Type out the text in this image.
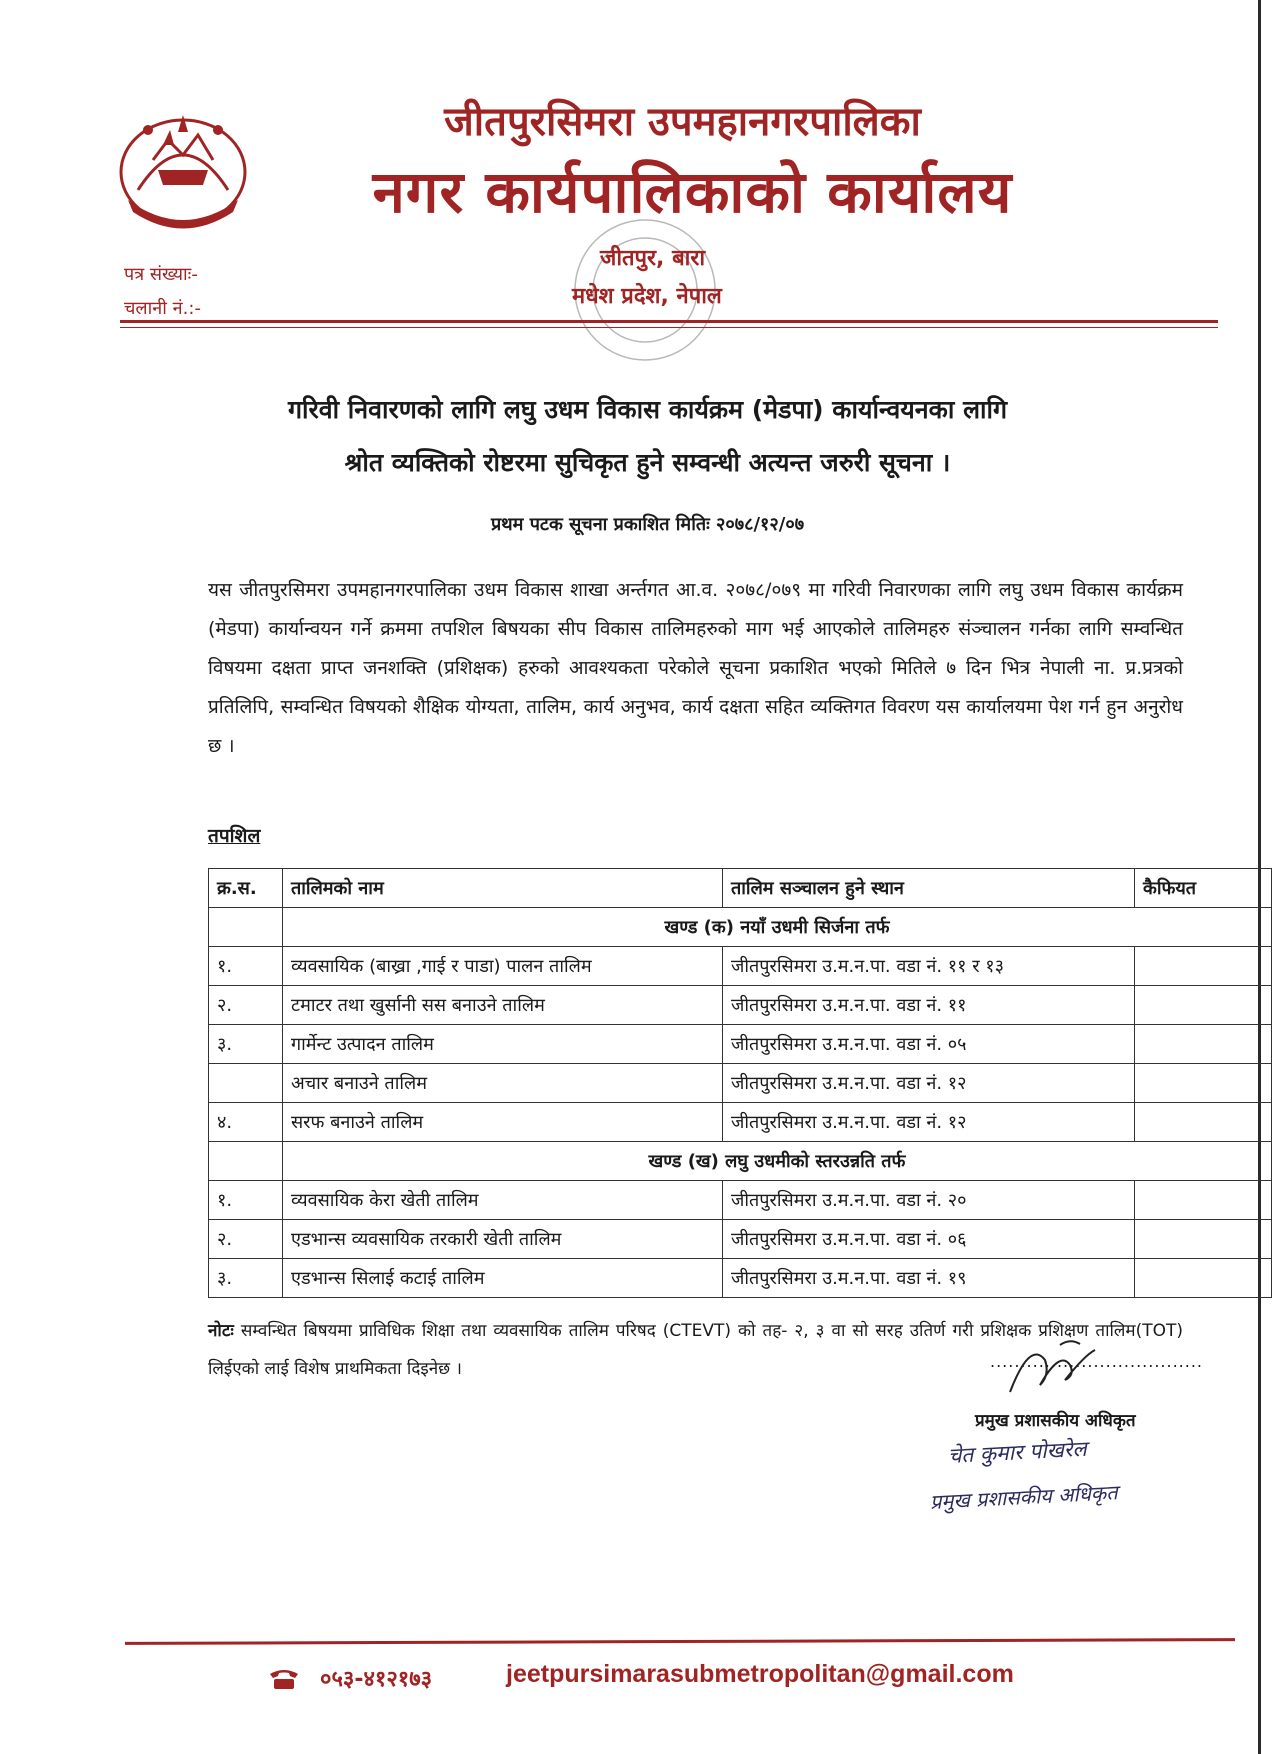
जीतपुरसिमरा उपमहानगरपालिका
नगर कार्यपालिकाको कार्यालय
जीतपुर, बारा
मधेश प्रदेश, नेपाल
पत्र संख्याः-
चलानी नं.:-
गरिवी निवारणको लागि लघु उधम विकास कार्यक्रम (मेडपा) कार्यान्वयनका लागि
श्रोत व्यक्तिको रोष्टरमा सुचिकृत हुने सम्वन्धी अत्यन्त जरुरी सूचना ।
प्रथम पटक सूचना प्रकाशित मितिः २०७८/१२/०७
यस जीतपुरसिमरा उपमहानगरपालिका उधम विकास शाखा अर्न्तगत आ.व. २०७८/०७९ मा गरिवी निवारणका लागि लघु उधम विकास कार्यक्रम (मेडपा) कार्यान्वयन गर्ने क्रममा तपशिल बिषयका सीप विकास तालिमहरुको माग भई आएकोले तालिमहरु संञ्चालन गर्नका लागि सम्वन्धित विषयमा दक्षता प्राप्त जनशक्ति (प्रशिक्षक) हरुको आवश्यकता परेकोले सूचना प्रकाशित भएको मितिले ७ दिन भित्र नेपाली ना. प्र.प्रत्रको प्रतिलिपि, सम्वन्धित विषयको शैक्षिक योग्यता, तालिम, कार्य अनुभव, कार्य दक्षता सहित व्यक्तिगत विवरण यस कार्यालयमा पेश गर्न हुन अनुरोध छ ।
तपशिल
क्र.स.	तालिमको नाम	तालिम सञ्चालन हुने स्थान	कैफियत
	खण्ड (क) नयाँ उधमी सिर्जना तर्फ		
१.	व्यवसायिक (बाख्रा ,गाई र पाडा) पालन तालिम	जीतपुरसिमरा उ.म.न.पा. वडा नं. ११ र १३	
२.	टमाटर तथा खुर्सानी सस बनाउने तालिम	जीतपुरसिमरा उ.म.न.पा. वडा नं. ११	
३.	गार्मेन्ट उत्पादन तालिम	जीतपुरसिमरा उ.म.न.पा. वडा नं. ०५	
	अचार बनाउने तालिम	जीतपुरसिमरा उ.म.न.पा. वडा नं. १२	
४.	सरफ बनाउने तालिम	जीतपुरसिमरा उ.म.न.पा. वडा नं. १२	
	खण्ड (ख) लघु उधमीको स्तरउन्नति तर्फ		
१.	व्यवसायिक केरा खेती तालिम	जीतपुरसिमरा उ.म.न.पा. वडा नं. २०	
२.	एडभान्स व्यवसायिक तरकारी खेती तालिम	जीतपुरसिमरा उ.म.न.पा. वडा नं. ०६	
३.	एडभान्स सिलाई कटाई तालिम	जीतपुरसिमरा उ.म.न.पा. वडा नं. १९	
नोटः सम्वन्धित बिषयमा प्राविधिक शिक्षा तथा व्यवसायिक तालिम परिषद (CTEVT) को तह- २, ३ वा सो सरह उतिर्ण गरी प्रशिक्षक प्रशिक्षण तालिम(TOT) लिईएको लाई विशेष प्राथमिकता दिइनेछ ।	...................................
प्रमुख प्रशासकीय अधिकृत
चेत कुमार पोखरेल
प्रमुख प्रशासकीय अधिकृत
०५३-४१२१७३	jeetpursimarasubmetropolitan@gmail.com
